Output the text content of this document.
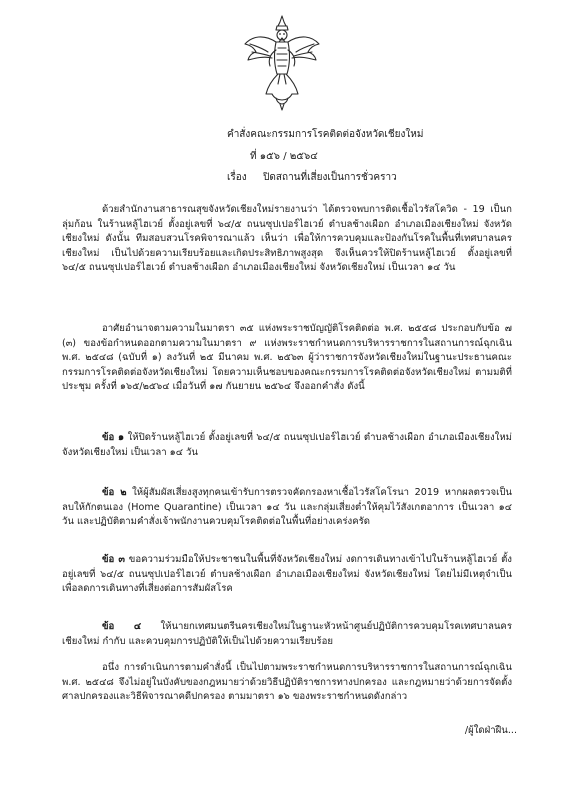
คำสั่งคณะกรรมการโรคติดต่อจังหวัดเชียงใหม่
ที่ ๑๕๖ / ๒๕๖๔
เรื่อง ปิดสถานที่เสี่ยงเป็นการชั่วคราว

ด้วยสำนักงานสาธารณสุขจังหวัดเชียงใหม่รายงานว่า ได้ตรวจพบการติดเชื้อไวรัสโควิด - 19 เป็นกลุ่มก้อน ในร้านหลู้ไฮเวย์ ตั้งอยู่เลขที่ ๖๔/๕ ถนนซุปเปอร์ไฮเวย์ ตำบลช้างเผือก อำเภอเมืองเชียงใหม่ จังหวัดเชียงใหม่ ดังนั้น ทีมสอบสวนโรคพิจารณาแล้ว เห็นว่า เพื่อให้การควบคุมและป้องกันโรคในพื้นที่เทศบาลนครเชียงใหม่ เป็นไปด้วยความเรียบร้อยและเกิดประสิทธิภาพสูงสุด จึงเห็นควรให้ปิดร้านหลู้ไฮเวย์ ตั้งอยู่เลขที่ ๖๔/๕ ถนนซุปเปอร์ไฮเวย์ ตำบลช้างเผือก อำเภอเมืองเชียงใหม่ จังหวัดเชียงใหม่ เป็นเวลา ๑๔ วัน

อาศัยอำนาจตามความในมาตรา ๓๕ แห่งพระราชบัญญัติโรคติดต่อ พ.ศ. ๒๕๕๘ ประกอบกับข้อ ๗ (๓) ของข้อกำหนดออกตามความในมาตรา ๙ แห่งพระราชกำหนดการบริหารราชการในสถานการณ์ฉุกเฉิน พ.ศ. ๒๕๔๘ (ฉบับที่ ๑) ลงวันที่ ๒๕ มีนาคม พ.ศ. ๒๕๖๓ ผู้ว่าราชการจังหวัดเชียงใหม่ในฐานะประธานคณะกรรมการโรคติดต่อจังหวัดเชียงใหม่ โดยความเห็นชอบของคณะกรรมการโรคติดต่อจังหวัดเชียงใหม่ ตามมติที่ประชุม ครั้งที่ ๑๖๕/๒๕๖๔ เมื่อวันที่ ๑๗ กันยายน ๒๕๖๔ จึงออกคำสั่ง ดังนี้

ข้อ ๑ ให้ปิดร้านหลู้ไฮเวย์ ตั้งอยู่เลขที่ ๖๔/๕ ถนนซุปเปอร์ไฮเวย์ ตำบลช้างเผือก อำเภอเมืองเชียงใหม่ จังหวัดเชียงใหม่ เป็นเวลา ๑๔ วัน

ข้อ ๒ ให้ผู้สัมผัสเสี่ยงสูงทุกคนเข้ารับการตรวจคัดกรองหาเชื้อไวรัสโคโรนา 2019 หากผลตรวจเป็นลบให้กักตนเอง (Home Quarantine) เป็นเวลา ๑๔ วัน และกลุ่มเสี่ยงต่ำให้คุมไว้สังเกตอาการ เป็นเวลา ๑๔ วัน และปฏิบัติตามคำสั่งเจ้าพนักงานควบคุมโรคติดต่อในพื้นที่อย่างเคร่งครัด

ข้อ ๓ ขอความร่วมมือให้ประชาชนในพื้นที่จังหวัดเชียงใหม่ งดการเดินทางเข้าไปในร้านหลู้ไฮเวย์ ตั้งอยู่เลขที่ ๖๔/๕ ถนนซุปเปอร์ไฮเวย์ ตำบลช้างเผือก อำเภอเมืองเชียงใหม่ จังหวัดเชียงใหม่ โดยไม่มีเหตุจำเป็น เพื่อลดการเดินทางที่เสี่ยงต่อการสัมผัสโรค

ข้อ ๔ ให้นายกเทศมนตรีนครเชียงใหม่ในฐานะหัวหน้าศูนย์ปฏิบัติการควบคุมโรคเทศบาลนครเชียงใหม่ กำกับ และควบคุมการปฏิบัติให้เป็นไปด้วยความเรียบร้อย

อนึ่ง การดำเนินการตามคำสั่งนี้ เป็นไปตามพระราชกำหนดการบริหารราชการในสถานการณ์ฉุกเฉิน พ.ศ. ๒๕๔๘ จึงไม่อยู่ในบังคับของกฎหมายว่าด้วยวิธีปฏิบัติราชการทางปกครอง และกฎหมายว่าด้วยการจัดตั้งศาลปกครองและวิธีพิจารณาคดีปกครอง ตามมาตรา ๑๖ ของพระราชกำหนดดังกล่าว

/ผู้ใดฝ่าฝืน...
